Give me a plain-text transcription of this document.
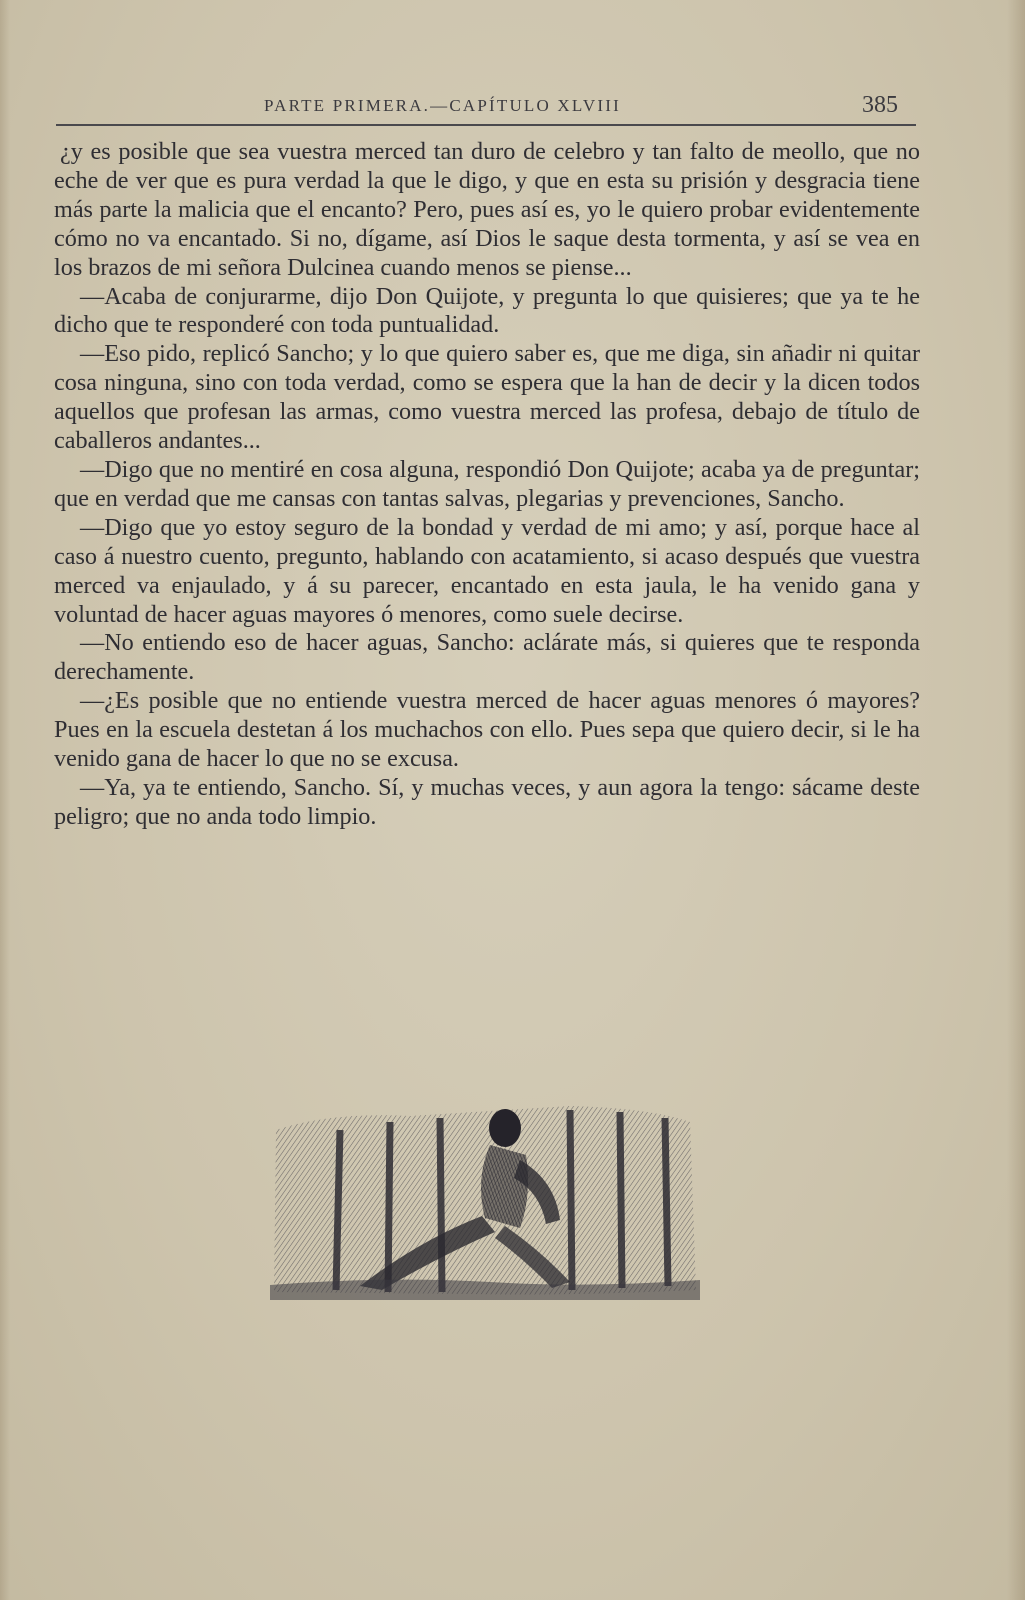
PARTE PRIMERA.—CAPÍTULO XLVIII	385

¿y es posible que sea vuestra merced tan duro de celebro y tan falto de meollo, que no eche de ver que es pura verdad la que le digo, y que en esta su prisión y desgracia tiene más parte la malicia que el encanto? Pero, pues así es, yo le quiero probar evidentemente cómo no va encantado. Si no, dígame, así Dios le saque desta tormenta, y así se vea en los brazos de mi señora Dulcinea cuando menos se piense...

—Acaba de conjurarme, dijo Don Quijote, y pregunta lo que quisieres; que ya te he dicho que te responderé con toda puntualidad.

—Eso pido, replicó Sancho; y lo que quiero saber es, que me diga, sin añadir ni quitar cosa ninguna, sino con toda verdad, como se espera que la han de decir y la dicen todos aquellos que profesan las armas, como vuestra merced las profesa, debajo de título de caballeros andantes...

—Digo que no mentiré en cosa alguna, respondió Don Quijote; acaba ya de preguntar; que en verdad que me cansas con tantas salvas, plegarias y prevenciones, Sancho.

—Digo que yo estoy seguro de la bondad y verdad de mi amo; y así, porque hace al caso á nuestro cuento, pregunto, hablando con acatamiento, si acaso después que vuestra merced va enjaulado, y á su parecer, encantado en esta jaula, le ha venido gana y voluntad de hacer aguas mayores ó menores, como suele decirse.

—No entiendo eso de hacer aguas, Sancho: aclárate más, si quieres que te responda derechamente.

—¿Es posible que no entiende vuestra merced de hacer aguas menores ó mayores? Pues en la escuela destetan á los muchachos con ello. Pues sepa que quiero decir, si le ha venido gana de hacer lo que no se excusa.

—Ya, ya te entiendo, Sancho. Sí, y muchas veces, y aun agora la tengo: sácame deste peligro; que no anda todo limpio.
